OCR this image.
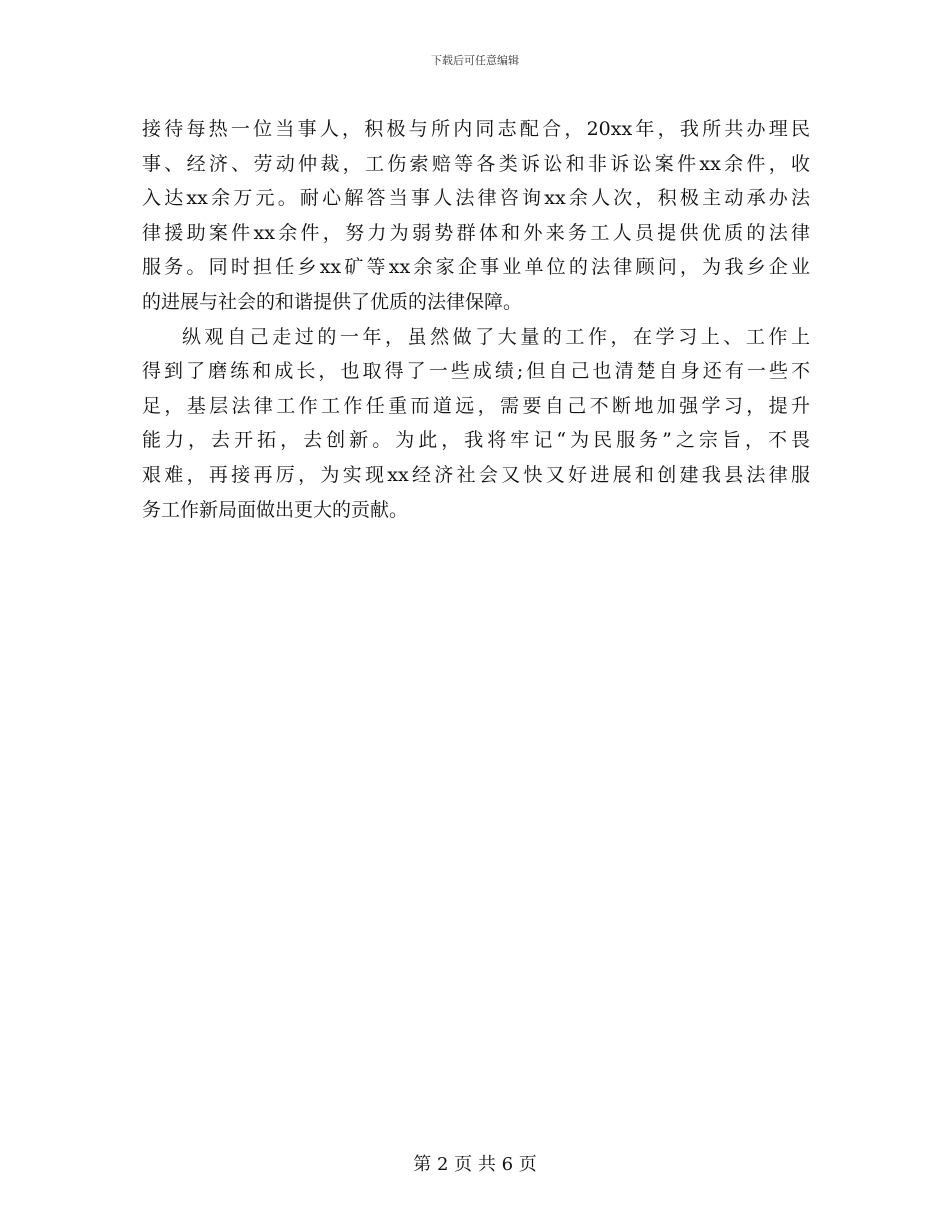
下载后可任意编辑
接待每热一位当事人，积极与所内同志配合，20xx年，我所共办理民
事、经济、劳动仲裁，工伤索赔等各类诉讼和非诉讼案件xx余件，收
入达xx余万元。耐心解答当事人法律咨询xx余人次，积极主动承办法
律援助案件xx余件，努力为弱势群体和外来务工人员提供优质的法律
服务。同时担任乡xx矿等xx余家企事业单位的法律顾问，为我乡企业
的进展与社会的和谐提供了优质的法律保障。
纵观自己走过的一年，虽然做了大量的工作，在学习上、工作上
得到了磨练和成长，也取得了一些成绩;但自己也清楚自身还有一些不
足，基层法律工作工作任重而道远，需要自己不断地加强学习，提升
能力，去开拓，去创新。为此，我将牢记“为民服务”之宗旨，不畏
艰难，再接再厉，为实现xx经济社会又快又好进展和创建我县法律服
务工作新局面做出更大的贡献。
第 2 页 共 6 页
